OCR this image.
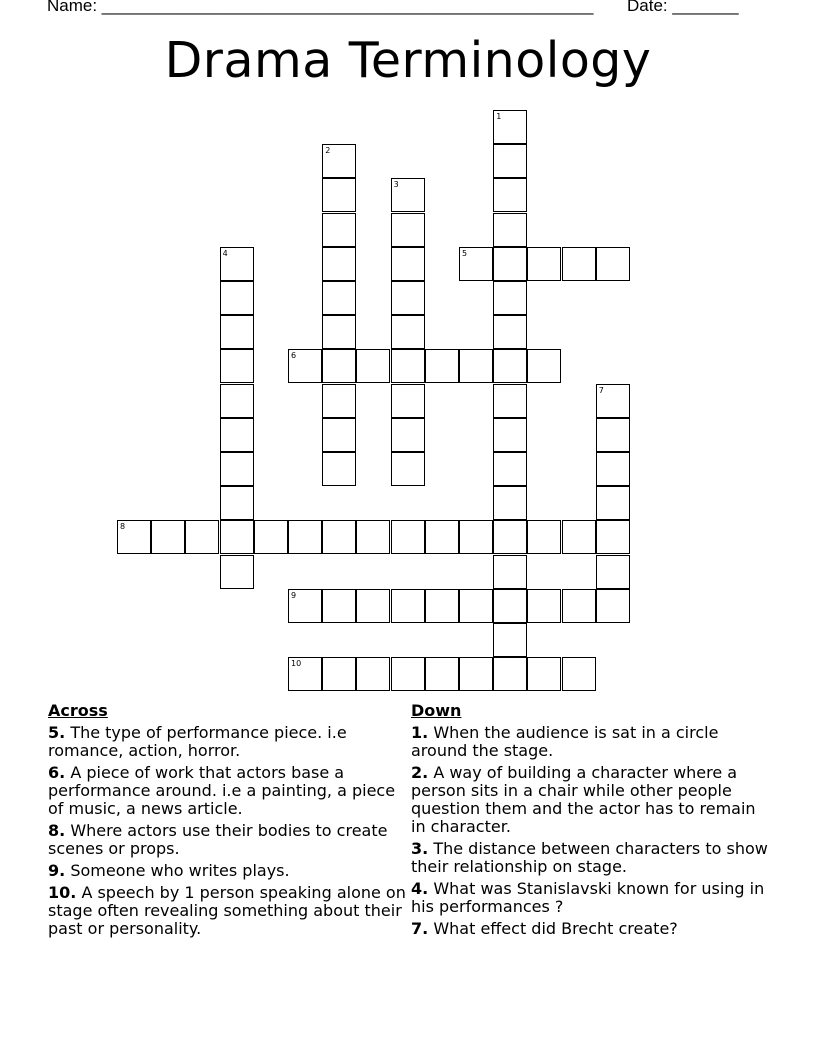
Name: ____________________________________________________ Date: _______
Drama Terminology
1
2
3
4	5
6
7
8
9
10
Across
5. The type of performance piece. i.e romance, action, horror.
6. A piece of work that actors base a performance around. i.e a painting, a piece of music, a news article.
8. Where actors use their bodies to create scenes or props.
9. Someone who writes plays.
10. A speech by 1 person speaking alone on stage often revealing something about their past or personality.
Down
1. When the audience is sat in a circle around the stage.
2. A way of building a character where a person sits in a chair while other people question them and the actor has to remain in character.
3. The distance between characters to show their relationship on stage.
4. What was Stanislavski known for using in his performances ?
7. What effect did Brecht create?
